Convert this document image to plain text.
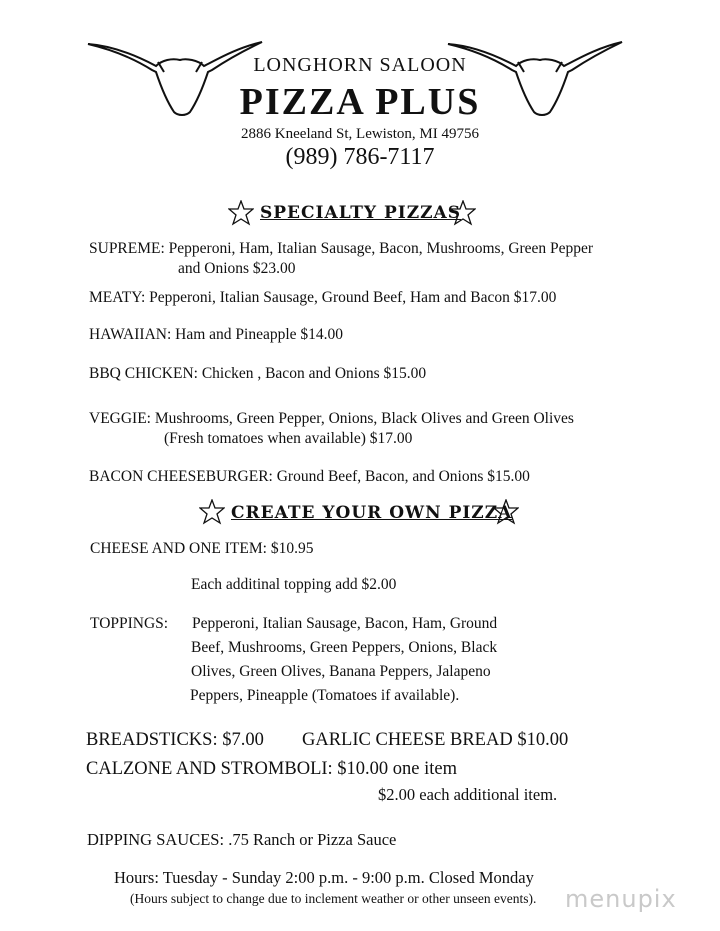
LONGHORN SALOON
PIZZA PLUS
2886 Kneeland St, Lewiston, MI 49756
(989) 786-7117
SPECIALTY PIZZAS
SUPREME: Pepperoni, Ham, Italian Sausage, Bacon, Mushrooms, Green Pepper
and Onions $23.00
MEATY: Pepperoni, Italian Sausage, Ground Beef, Ham and Bacon $17.00
HAWAIIAN: Ham and Pineapple $14.00
BBQ CHICKEN: Chicken , Bacon and Onions $15.00
VEGGIE: Mushrooms, Green Pepper, Onions, Black Olives and Green Olives
(Fresh tomatoes when available) $17.00
BACON CHEESEBURGER: Ground Beef, Bacon, and Onions $15.00
CREATE YOUR OWN PIZZA
CHEESE AND ONE ITEM: $10.95
Each additinal topping add $2.00
TOPPINGS: Pepperoni, Italian Sausage, Bacon, Ham, Ground
Beef, Mushrooms, Green Peppers, Onions, Black
Olives, Green Olives, Banana Peppers, Jalapeno
Peppers, Pineapple (Tomatoes if available).
BREADSTICKS: $7.00 GARLIC CHEESE BREAD $10.00
CALZONE AND STROMBOLI: $10.00 one item
$2.00 each additional item.
DIPPING SAUCES: .75 Ranch or Pizza Sauce
Hours: Tuesday - Sunday 2:00 p.m. - 9:00 p.m. Closed Monday
(Hours subject to change due to inclement weather or other unseen events). menupix
